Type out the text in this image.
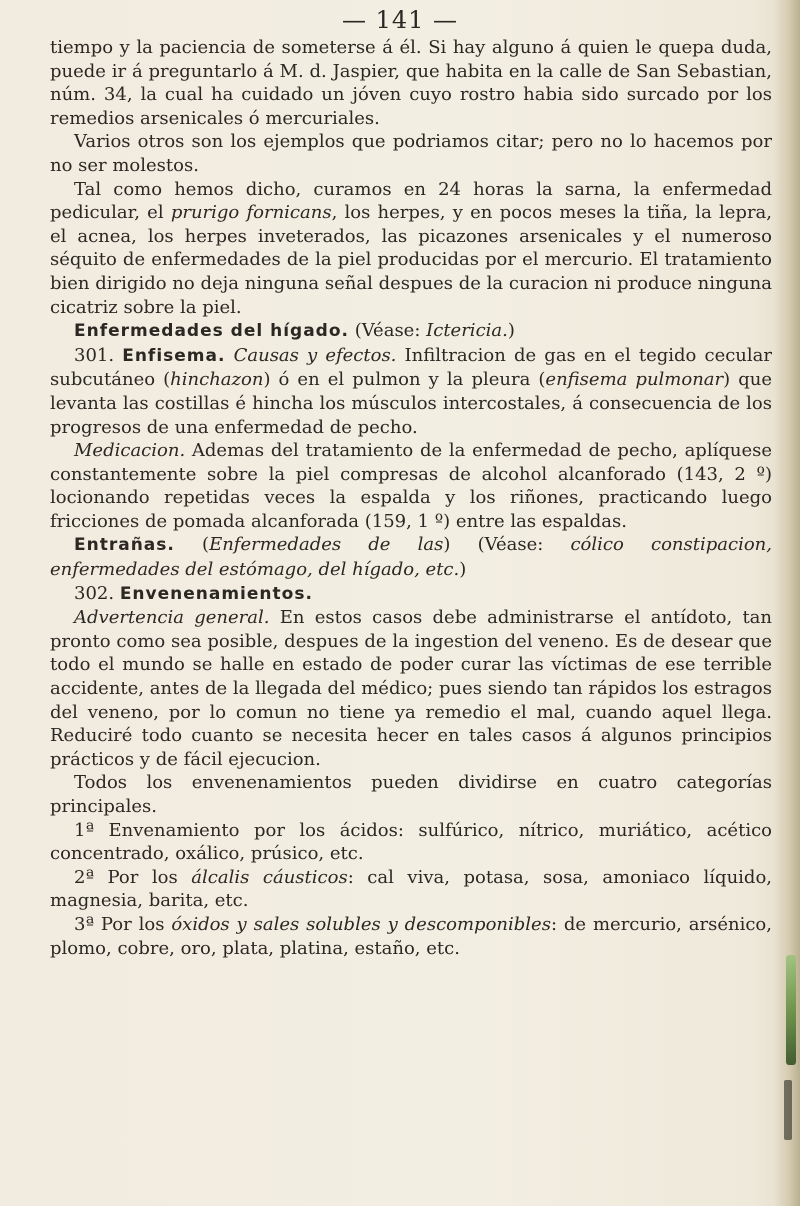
— 141 —

tiempo y la paciencia de someterse á él. Si hay alguno á quien le quepa duda, puede ir á preguntarlo á M. d. Jaspier, que habita en la calle de San Sebastian, núm. 34, la cual ha cuidado un jóven cuyo rostro habia sido surcado por los remedios arsenicales ó mercuriales.

Varios otros son los ejemplos que podriamos citar; pero no lo hacemos por no ser molestos.

Tal como hemos dicho, curamos en 24 horas la sarna, la enfermedad pedicular, el prurigo fornicans, los herpes, y en pocos meses la tiña, la lepra, el acnea, los herpes inveterados, las picazones arsenicales y el numeroso séquito de enfermedades de la piel producidas por el mercurio. El tratamiento bien dirigido no deja ninguna señal despues de la curacion ni produce ninguna cicatriz sobre la piel.

Enfermedades del hígado. (Véase: Ictericia.)

301. Enfisema. Causas y efectos. Infiltracion de gas en el tegido cecular subcutáneo (hinchazon) ó en el pulmon y la pleura (enfisema pulmonar) que levanta las costillas é hincha los músculos intercostales, á consecuencia de los progresos de una enfermedad de pecho.

Medicacion. Ademas del tratamiento de la enfermedad de pecho, aplíquese constantemente sobre la piel compresas de alcohol alcanforado (143, 2 º) locionando repetidas veces la espalda y los riñones, practicando luego fricciones de pomada alcanforada (159, 1 º) entre las espaldas.

Entrañas. (Enfermedades de las) (Véase: cólico constipacion, enfermedades del estómago, del hígado, etc.)

302. Envenenamientos.

Advertencia general. En estos casos debe administrarse el antídoto, tan pronto como sea posible, despues de la ingestion del veneno. Es de desear que todo el mundo se halle en estado de poder curar las víctimas de ese terrible accidente, antes de la llegada del médico; pues siendo tan rápidos los estragos del veneno, por lo comun no tiene ya remedio el mal, cuando aquel llega. Reduciré todo cuanto se necesita hecer en tales casos á algunos principios prácticos y de fácil ejecucion.

Todos los envenenamientos pueden dividirse en cuatro categorías principales.

1ª Envenamiento por los ácidos: sulfúrico, nítrico, muriático, acético concentrado, oxálico, prúsico, etc.

2ª Por los álcalis cáusticos: cal viva, potasa, sosa, amoniaco líquido, magnesia, barita, etc.

3ª Por los óxidos y sales solubles y descomponibles: de mercurio, arsénico, plomo, cobre, oro, plata, platina, estaño, etc.
